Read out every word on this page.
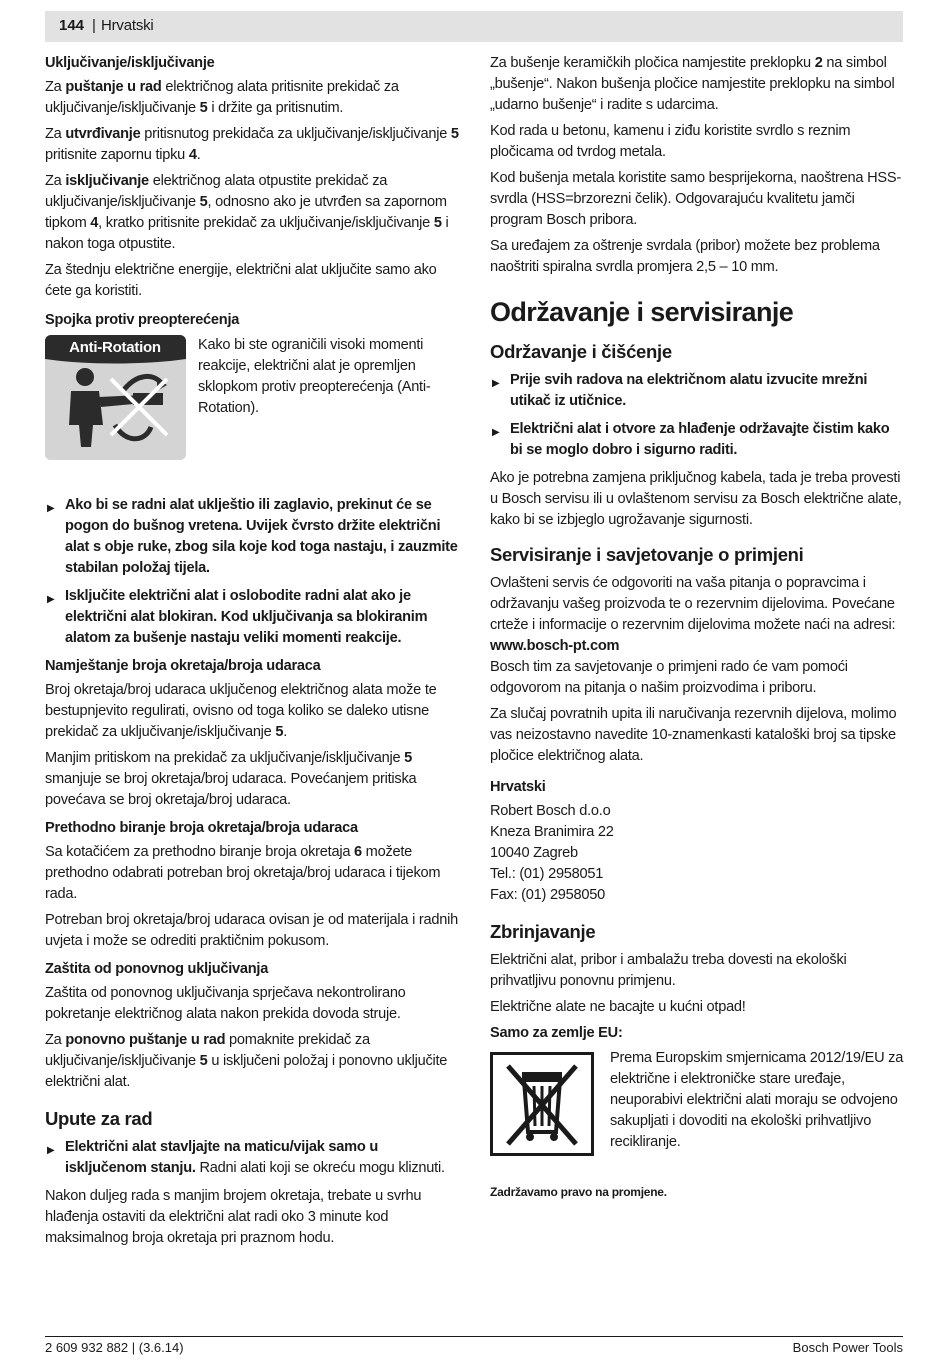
144 | Hrvatski
Uključivanje/isključivanje

Za puštanje u rad električnog alata pritisnite prekidač za uključivanje/isključivanje 5 i držite ga pritisnutim.

Za utvrđivanje pritisnutog prekidača za uključivanje/isključivanje 5 pritisnite zapornu tipku 4.

Za isključivanje električnog alata otpustite prekidač za uključivanje/isključivanje 5, odnosno ako je utvrđen sa zapornom tipkom 4, kratko pritisnite prekidač za uključivanje/isključivanje 5 i nakon toga otpustite.

Za štednju električne energije, električni alat uključite samo ako ćete ga koristiti.

Spojka protiv preopterećenja
Anti-Rotation	Kako bi ste ograničili visoki momenti reakcije, električni alat je opremljen sklopkom protiv preopterećenja (Anti-Rotation).
▶ Ako bi se radni alat uklještio ili zaglavio, prekinut će se pogon do bušnog vretena. Uvijek čvrsto držite električni alat s obje ruke, zbog sila koje kod toga nastaju, i zauzmite stabilan položaj tijela.
▶ Isključite električni alat i oslobodite radni alat ako je električni alat blokiran. Kod uključivanja sa blokiranim alatom za bušenje nastaju veliki momenti reakcije.
Namještanje broja okretaja/broja udaraca

Broj okretaja/broj udaraca uključenog električnog alata može te bestupnjevito regulirati, ovisno od toga koliko se daleko utisne prekidač za uključivanje/isključivanje 5.

Manjim pritiskom na prekidač za uključivanje/isključivanje 5 smanjuje se broj okretaja/broj udaraca. Povećanjem pritiska povećava se broj okretaja/broj udaraca.

Prethodno biranje broja okretaja/broja udaraca

Sa kotačićem za prethodno biranje broja okretaja 6 možete prethodno odabrati potreban broj okretaja/broj udaraca i tijekom rada.

Potreban broj okretaja/broj udaraca ovisan je od materijala i radnih uvjeta i može se odrediti praktičnim pokusom.

Zaštita od ponovnog uključivanja

Zaštita od ponovnog uključivanja sprječava nekontrolirano pokretanje električnog alata nakon prekida dovoda struje.

Za ponovno puštanje u rad pomaknite prekidač za uključivanje/isključivanje 5 u isključeni položaj i ponovno uključite električni alat.

Upute za rad
▶ Električni alat stavljajte na maticu/vijak samo u isključenom stanju. Radni alati koji se okreću mogu kliznuti.

Nakon duljeg rada s manjim brojem okretaja, trebate u svrhu hlađenja ostaviti da električni alat radi oko 3 minute kod maksimalnog broja okretaja pri praznom hodu.

Za bušenje keramičkih pločica namjestite preklopku 2 na simbol „bušenje“. Nakon bušenja pločice namjestite preklopku na simbol „udarno bušenje“ i radite s udarcima.

Kod rada u betonu, kamenu i ziđu koristite svrdlo s reznim pločicama od tvrdog metala.

Kod bušenja metala koristite samo besprijekorna, naoštrena HSS-svrdla (HSS=brzorezni čelik). Odgovarajuću kvalitetu jamči program Bosch pribora.

Sa uređajem za oštrenje svrdala (pribor) možete bez problema naoštriti spiralna svrdla promjera 2,5 – 10 mm.

Održavanje i servisiranje
Održavanje i čišćenje
▶ Prije svih radova na električnom alatu izvucite mrežni utikač iz utičnice.
▶ Električni alat i otvore za hlađenje održavajte čistim kako bi se moglo dobro i sigurno raditi.

Ako je potrebna zamjena priključnog kabela, tada je treba provesti u Bosch servisu ili u ovlaštenom servisu za Bosch električne alate, kako bi se izbjeglo ugrožavanje sigurnosti.

Servisiranje i savjetovanje o primjeni

Ovlašteni servis će odgovoriti na vaša pitanja o popravcima i održavanju vašeg proizvoda te o rezervnim dijelovima. Povećane crteže i informacije o rezervnim dijelovima možete naći na adresi:

www.bosch-pt.com

Bosch tim za savjetovanje o primjeni rado će vam pomoći odgovorom na pitanja o našim proizvodima i priboru.

Za slučaj povratnih upita ili naručivanja rezervnih dijelova, molimo vas neizostavno navedite 10-znamenkasti kataloški broj sa tipske pločice električnog alata.

Hrvatski
Robert Bosch d.o.o
Kneza Branimira 22
10040 Zagreb
Tel.: (01) 2958051
Fax: (01) 2958050
Zbrinjavanje

Električni alat, pribor i ambalažu treba dovesti na ekološki prihvatljivu ponovnu primjenu.

Električne alate ne bacajte u kućni otpad!

Samo za zemlje EU:
Prema Europskim smjernicama 2012/19/EU za električne i elektroničke stare uređaje, neuporabivi električni alati moraju se odvojeno sakupljati i dovoditi na ekološki prihvatljivo recikliranje.
Zadržavamo pravo na promjene.
2 609 932 882 | (3.6.14)	Bosch Power Tools
